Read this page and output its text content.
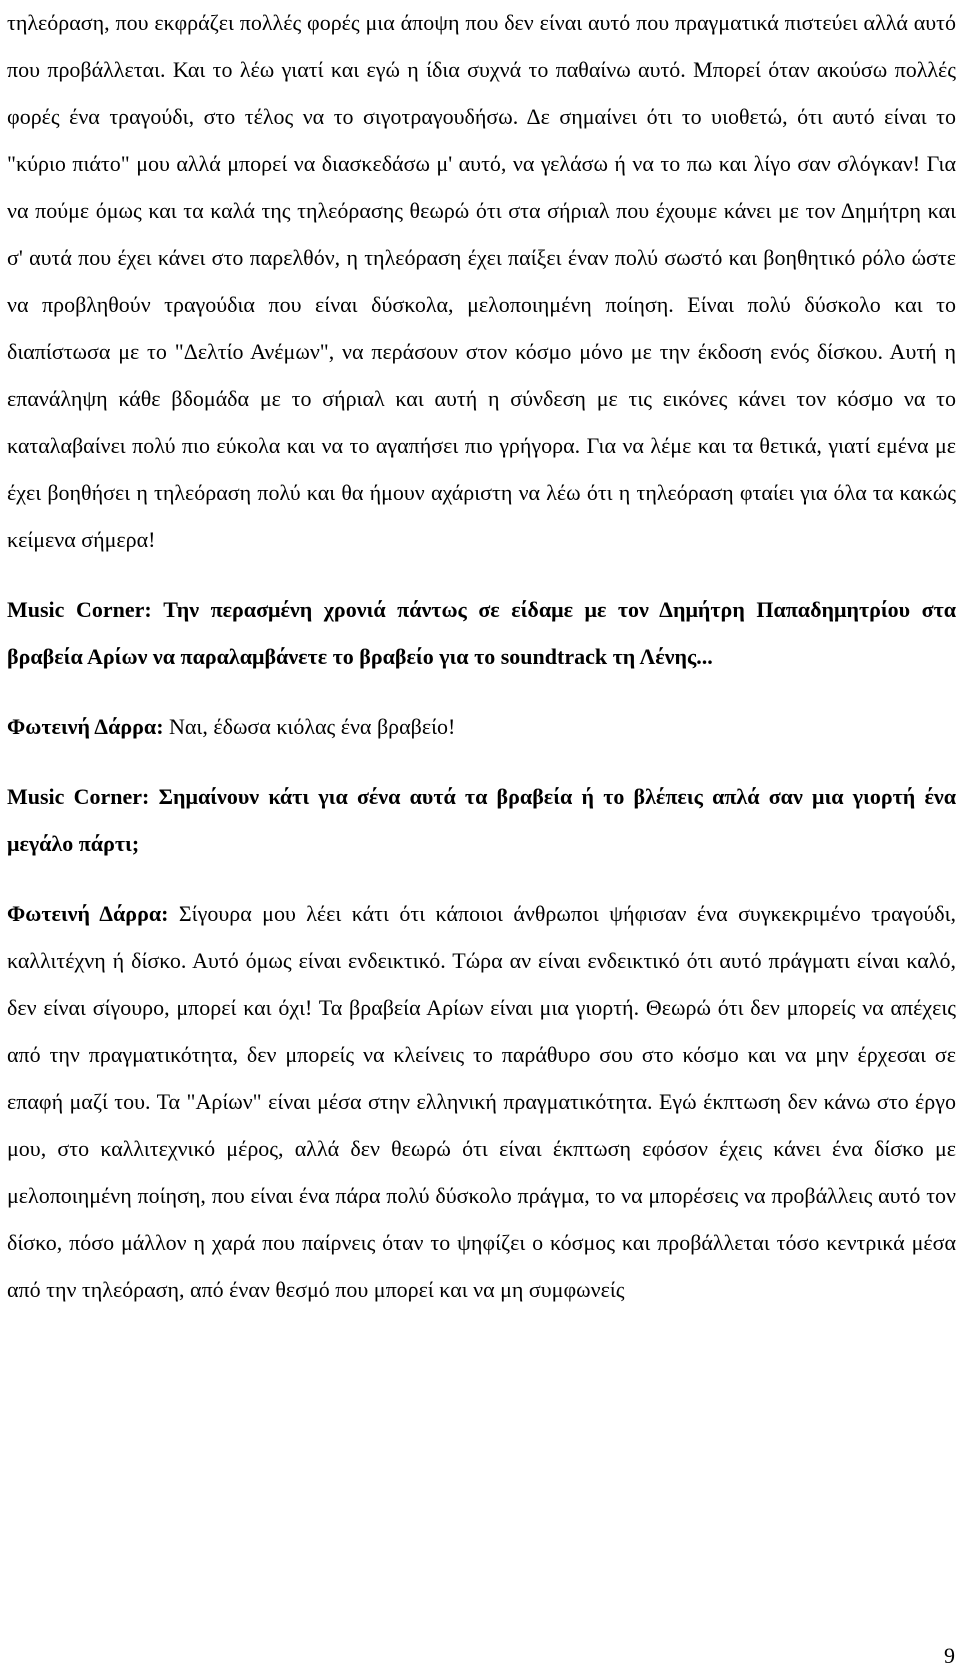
τηλεόραση, που εκφράζει πολλές φορές μια άποψη που δεν είναι αυτό που πραγματικά πιστεύει αλλά αυτό που προβάλλεται. Και το λέω γιατί και εγώ η ίδια συχνά το παθαίνω αυτό. Μπορεί όταν ακούσω πολλές φορές ένα τραγούδι, στο τέλος να το σιγοτραγουδήσω. Δε σημαίνει ότι το υιοθετώ, ότι αυτό είναι το "κύριο πιάτο" μου αλλά μπορεί να διασκεδάσω μ' αυτό, να γελάσω ή να το πω και λίγο σαν σλόγκαν! Για να πούμε όμως και τα καλά της τηλεόρασης θεωρώ ότι στα σήριαλ που έχουμε κάνει με τον Δημήτρη και σ' αυτά που έχει κάνει στο παρελθόν, η τηλεόραση έχει παίξει έναν πολύ σωστό και βοηθητικό ρόλο ώστε να προβληθούν τραγούδια που είναι δύσκολα, μελοποιημένη ποίηση. Είναι πολύ δύσκολο και το διαπίστωσα με το "Δελτίο Ανέμων", να περάσουν στον κόσμο μόνο με την έκδοση ενός δίσκου. Αυτή η επανάληψη κάθε βδομάδα με το σήριαλ και αυτή η σύνδεση με τις εικόνες κάνει τον κόσμο να το καταλαβαίνει πολύ πιο εύκολα και να το αγαπήσει πιο γρήγορα. Για να λέμε και τα θετικά, γιατί εμένα με έχει βοηθήσει η τηλεόραση πολύ και θα ήμουν αχάριστη να λέω ότι η τηλεόραση φταίει για όλα τα κακώς κείμενα σήμερα!

Music Corner: Την περασμένη χρονιά πάντως σε είδαμε με τον Δημήτρη Παπαδημητρίου στα βραβεία Αρίων να παραλαμβάνετε το βραβείο για το soundtrack τη Λένης...

Φωτεινή Δάρρα: Ναι, έδωσα κιόλας ένα βραβείο!

Music Corner: Σημαίνουν κάτι για σένα αυτά τα βραβεία ή το βλέπεις απλά σαν μια γιορτή ένα μεγάλο πάρτι;

Φωτεινή Δάρρα: Σίγουρα μου λέει κάτι ότι κάποιοι άνθρωποι ψήφισαν ένα συγκεκριμένο τραγούδι, καλλιτέχνη ή δίσκο. Αυτό όμως είναι ενδεικτικό. Τώρα αν είναι ενδεικτικό ότι αυτό πράγματι είναι καλό, δεν είναι σίγουρο, μπορεί και όχι! Τα βραβεία Αρίων είναι μια γιορτή. Θεωρώ ότι δεν μπορείς να απέχεις από την πραγματικότητα, δεν μπορείς να κλείνεις το παράθυρο σου στο κόσμο και να μην έρχεσαι σε επαφή μαζί του. Τα "Αρίων" είναι μέσα στην ελληνική πραγματικότητα. Εγώ έκπτωση δεν κάνω στο έργο μου, στο καλλιτεχνικό μέρος, αλλά δεν θεωρώ ότι είναι έκπτωση εφόσον έχεις κάνει ένα δίσκο με μελοποιημένη ποίηση, που είναι ένα πάρα πολύ δύσκολο πράγμα, το να μπορέσεις να προβάλλεις αυτό τον δίσκο, πόσο μάλλον η χαρά που παίρνεις όταν το ψηφίζει ο κόσμος και προβάλλεται τόσο κεντρικά μέσα από την τηλεόραση, από έναν θεσμό που μπορεί και να μη συμφωνείς

9
